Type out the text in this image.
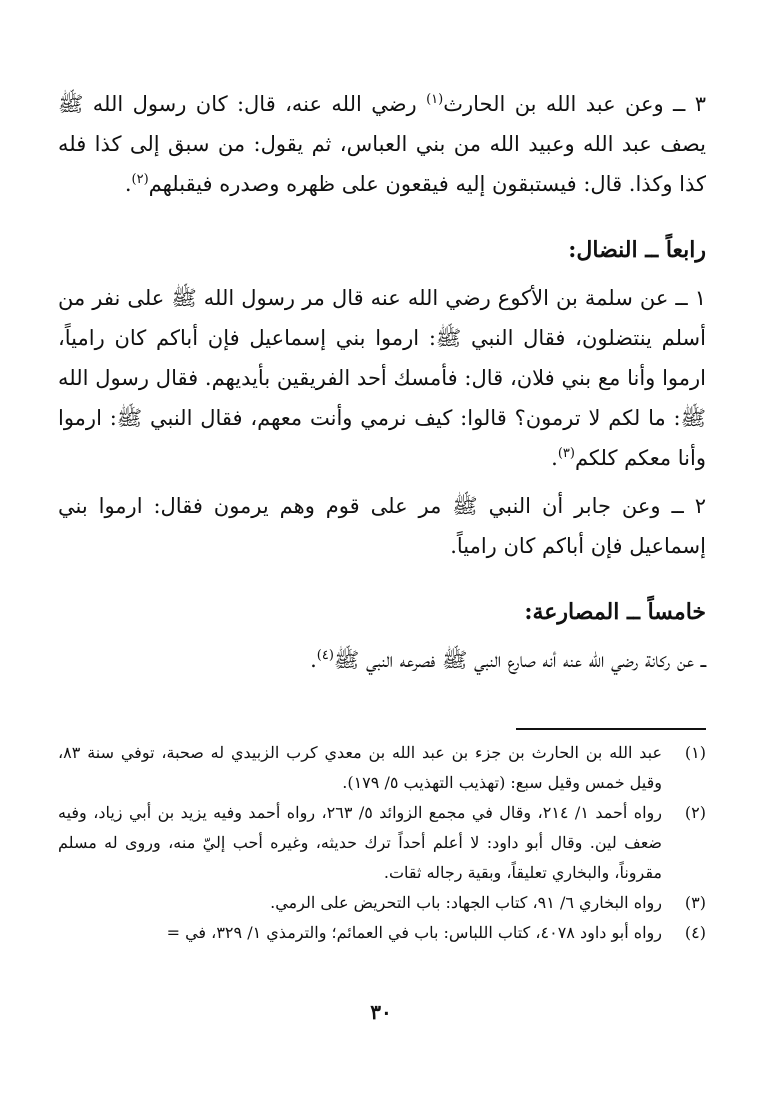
٣ ــ وعن عبد الله بن الحارث$^{(١)}$ رضي الله عنه، قال: كان رسول الله ﷺ يصف عبد الله وعبيد الله من بني العباس، ثم يقول: من سبق إلى كذا فله كذا وكذا. قال: فيستبقون إليه فيقعون على ظهره وصدره فيقبلهم$^{(٢)}$.

رابعاً ــ النضال:

١ ــ عن سلمة بن الأكوع رضي الله عنه قال مر رسول الله ﷺ على نفر من أسلم ينتضلون، فقال النبي ﷺ: ارموا بني إسماعيل فإن أباكم كان رامياً، ارموا وأنا مع بني فلان، قال: فأمسك أحد الفريقين بأيديهم. فقال رسول الله ﷺ: ما لكم لا ترمون؟ قالوا: كيف نرمي وأنت معهم، فقال النبي ﷺ: ارموا وأنا معكم كلكم$^{(٣)}$.

٢ ــ وعن جابر أن النبي ﷺ مر على قوم وهم يرمون فقال: ارموا بني إسماعيل فإن أباكم كان رامياً.

خامساً ــ المصارعة:

ــ عن ركانة رضي الله عنه أنه صارع النبي ﷺ فصرعه النبي ﷺ$^{(٤)}$.

(١)
عبد الله بن الحارث بن جزء بن عبد الله بن معدي كرب الزبيدي له صحبة، توفي سنة ٨٣، وقيل خمس وقيل سبع: (تهذيب التهذيب ٥/ ١٧٩).
(٢)
رواه أحمد ١/ ٢١٤، وقال في مجمع الزوائد ٥/ ٢٦٣، رواه أحمد وفيه يزيد بن أبي زياد، وفيه ضعف لين. وقال أبو داود: لا أعلم أحداً ترك حديثه، وغيره أحب إليّ منه، وروى له مسلم مقروناً، والبخاري تعليقاً، وبقية رجاله ثقات.
(٣)
رواه البخاري ٦/ ٩١، كتاب الجهاد: باب التحريض على الرمي.
(٤)
رواه أبو داود ٤٠٧٨، كتاب اللباس: باب في العمائم؛ والترمذي ١/ ٣٢٩، في =
٣٠
